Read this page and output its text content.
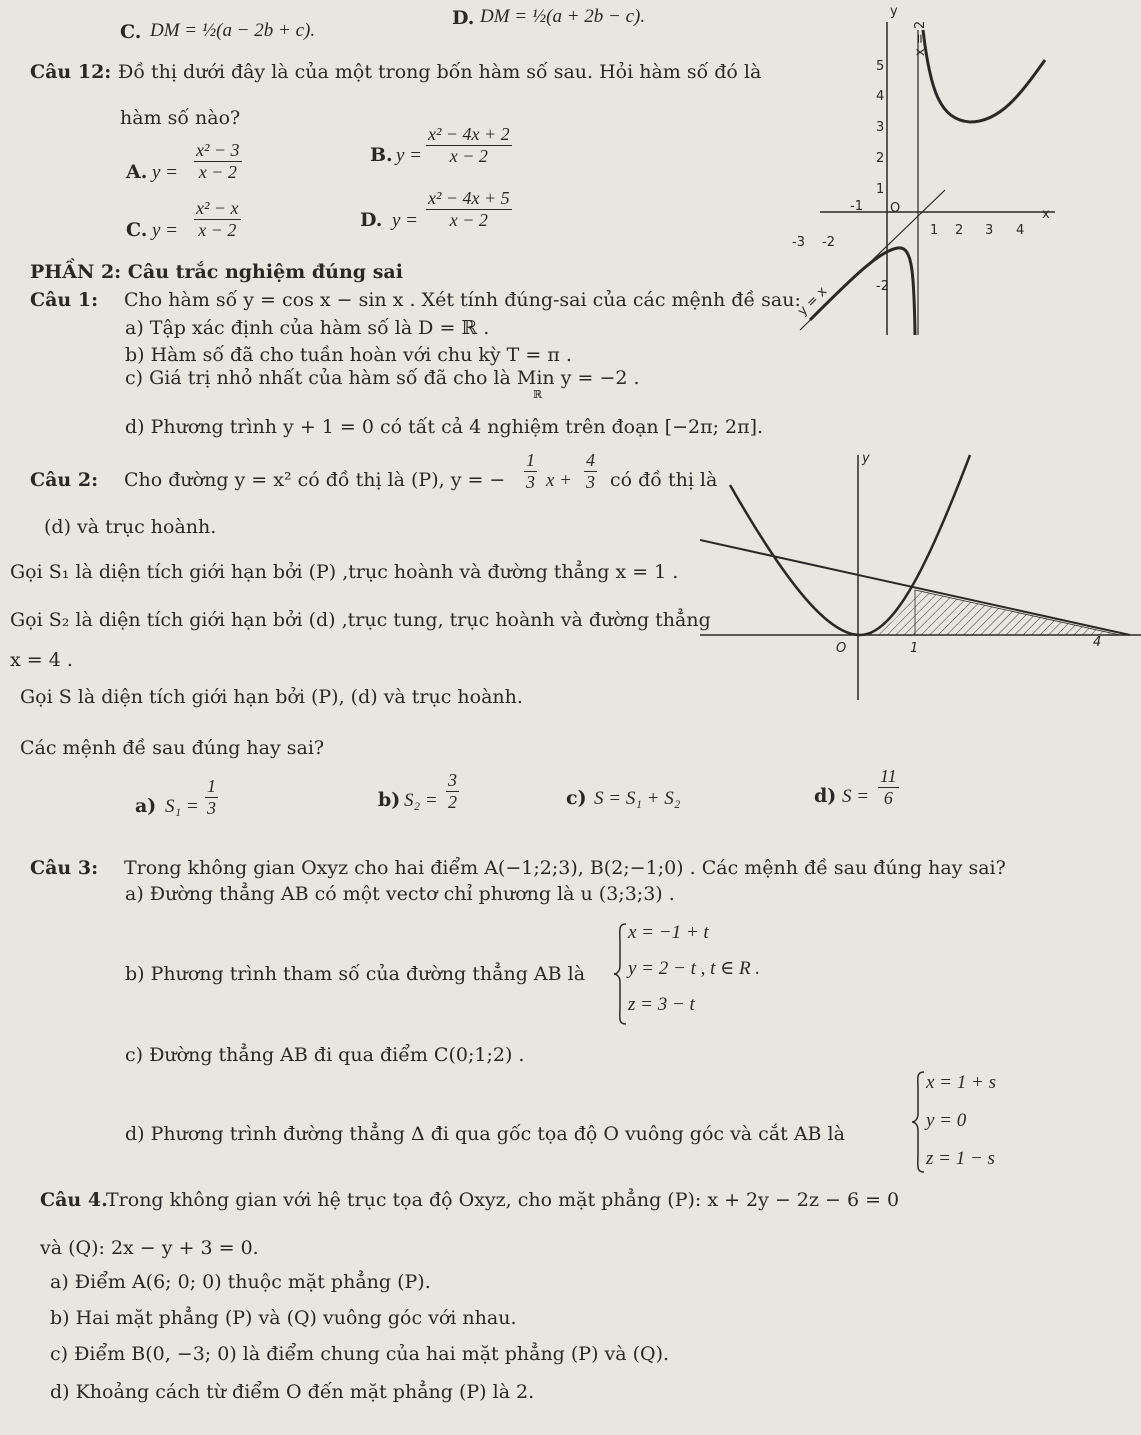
C. DM = ½(a − 2b + c).
D. DM = ½(a + 2b − c).
Câu 12: Đồ thị dưới đây là của một trong bốn hàm số sau. Hỏi hàm số đó là
hàm số nào?
A. $y = \frac{\text{x² − 3}}{x - 2}$	B. $y = \frac{\text{x² − 4x + 2}}{x - 2}$
C. $y = \frac{\text{x² − x}}{x - 2}$	D. $y = \frac{\text{x² − 4x + 5}}{x - 2}$
y
x
5
4
3
2
1
-1
-2
-3 -2
1 2 3 4
O
x = 2
y = x
PHẦN 2: Câu trắc nghiệm đúng sai
Câu 1: Cho hàm số y = cos x − sin x . Xét tính đúng-sai của các mệnh đề sau:
a) Tập xác định của hàm số là D = ℝ .
b) Hàm số đã cho tuần hoàn với chu kỳ T = π .
c) Giá trị nhỏ nhất của hàm số đã cho là Min y = −2 .
ℝ
d) Phương trình y + 1 = 0 có tất cả 4 nghiệm trên đoạn [−2π; 2π].
Câu 2: Cho đường y = x² có đồ thị là (P), y = − $\frac{1}{3}$ $x + \frac{4}{3}$ có đồ thị là
(d) và trục hoành.
Gọi S₁ là diện tích giới hạn bởi (P) ,trục hoành và đường thẳng x = 1 .
Gọi S₂ là diện tích giới hạn bởi (d) ,trục tung, trục hoành và đường thẳng
x = 4 .
Gọi S là diện tích giới hạn bởi (P), (d) và trục hoành.
Các mệnh đề sau đúng hay sai?
a) $S_1 = \frac{1}{3}$	b) $S_2 = \frac{3}{2}$	c) S = S₁ + S₂	d) $S = \frac{11}{6}$
y
O	1	4
Câu 3: Trong không gian Oxyz cho hai điểm A(−1;2;3), B(2;−1;0) . Các mệnh đề sau đúng hay sai?
a) Đường thẳng AB có một vectơ chỉ phương là u (3;3;3) .
b) Phương trình tham số của đường thẳng AB là
x = −1 + t
y = 2 − t , t ∈ R .
z = 3 − t
c) Đường thẳng AB đi qua điểm C(0;1;2) .
d) Phương trình đường thẳng Δ đi qua gốc tọa độ O vuông góc và cắt AB là
x = 1 + s
y = 0
z = 1 − s
Câu 4.
Trong không gian với hệ trục tọa độ Oxyz, cho mặt phẳng (P): x + 2y − 2z − 6 = 0
và (Q): 2x − y + 3 = 0.
a) Điểm A(6; 0; 0) thuộc mặt phẳng (P).
b) Hai mặt phẳng (P) và (Q) vuông góc với nhau.
c) Điểm B(0, −3; 0) là điểm chung của hai mặt phẳng (P) và (Q).
d) Khoảng cách từ điểm O đến mặt phẳng (P) là 2.
